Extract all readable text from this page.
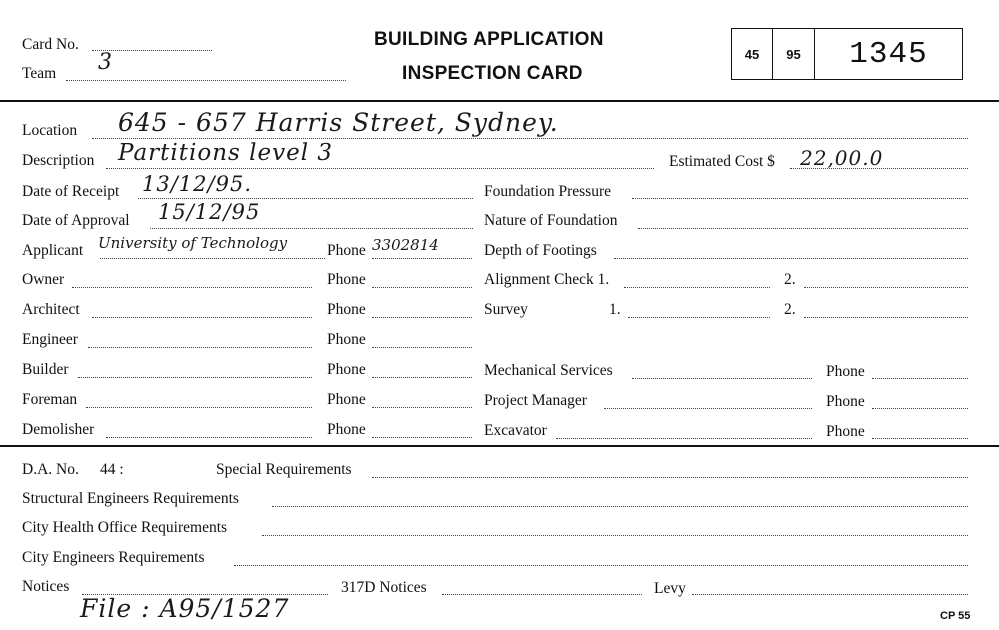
Card No.
Team 3
BUILDING APPLICATION
INSPECTION CARD
45	95	1345
Location 645 - 657 Harris Street, Sydney.
Description Partitions level 3	Estimated Cost $ 22,00.0
Date of Receipt 13/12/95.
Date of Approval 15/12/95
Applicant University of Technology	Phone 3302814
Owner	Phone
Architect	Phone
Engineer	Phone
Builder	Phone
Foreman	Phone
Demolisher	Phone
Foundation Pressure
Nature of Foundation
Depth of Footings
Alignment Check 1.	2.
Survey	1.	2.
Mechanical Services	Phone
Project Manager	Phone
Excavator	Phone
D.A. No. 44 :	Special Requirements
Structural Engineers Requirements
City Health Office Requirements
City Engineers Requirements
Notices	317D Notices	Levy
File : A95/1527	CP 55
